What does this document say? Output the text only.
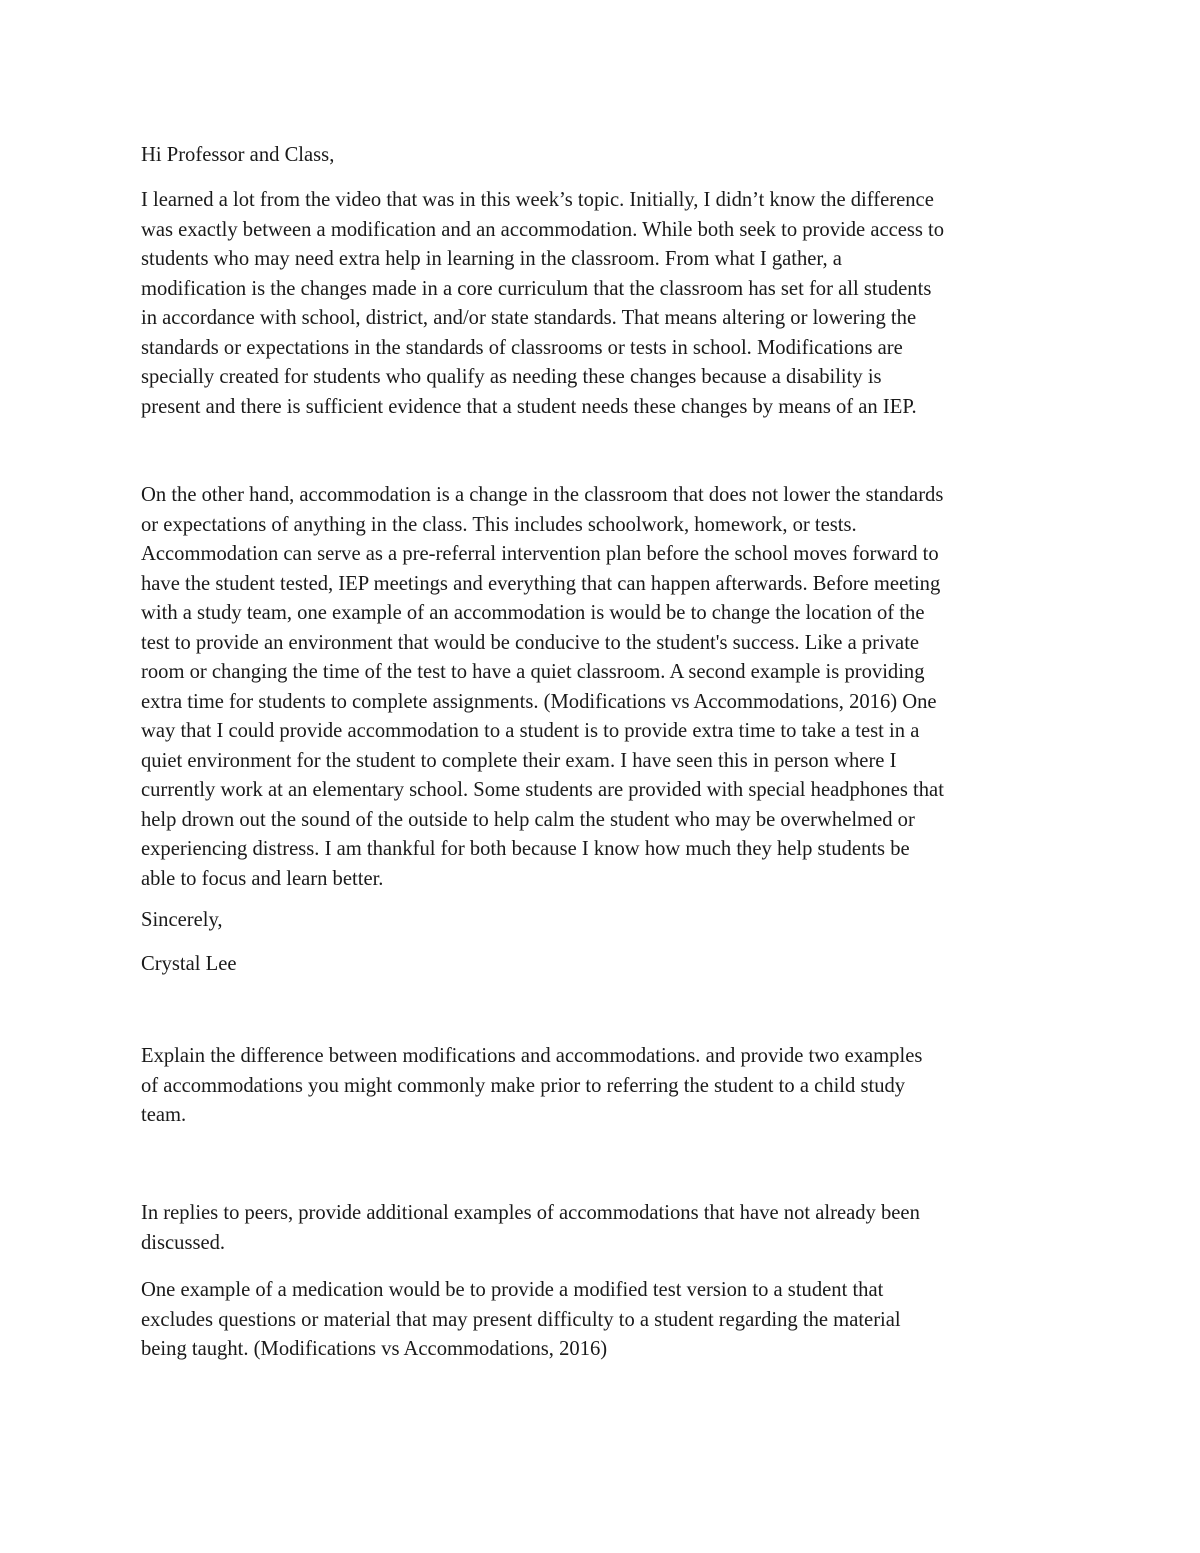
Hi Professor and Class,

I learned a lot from the video that was in this week’s topic. Initially, I didn’t know the difference
was exactly between a modification and an accommodation. While both seek to provide access to
students who may need extra help in learning in the classroom. From what I gather, a
modification is the changes made in a core curriculum that the classroom has set for all students
in accordance with school, district, and/or state standards. That means altering or lowering the
standards or expectations in the standards of classrooms or tests in school. Modifications are
specially created for students who qualify as needing these changes because a disability is
present and there is sufficient evidence that a student needs these changes by means of an IEP.

On the other hand, accommodation is a change in the classroom that does not lower the standards
or expectations of anything in the class. This includes schoolwork, homework, or tests.
Accommodation can serve as a pre-referral intervention plan before the school moves forward to
have the student tested, IEP meetings and everything that can happen afterwards. Before meeting
with a study team, one example of an accommodation is would be to change the location of the
test to provide an environment that would be conducive to the student's success. Like a private
room or changing the time of the test to have a quiet classroom. A second example is providing
extra time for students to complete assignments. (Modifications vs Accommodations, 2016) One
way that I could provide accommodation to a student is to provide extra time to take a test in a
quiet environment for the student to complete their exam. I have seen this in person where I
currently work at an elementary school. Some students are provided with special headphones that
help drown out the sound of the outside to help calm the student who may be overwhelmed or
experiencing distress. I am thankful for both because I know how much they help students be
able to focus and learn better.

Sincerely,

Crystal Lee

Explain the difference between modifications and accommodations. and provide two examples
of accommodations you might commonly make prior to referring the student to a child study
team.

In replies to peers, provide additional examples of accommodations that have not already been
discussed.

One example of a medication would be to provide a modified test version to a student that
excludes questions or material that may present difficulty to a student regarding the material
being taught. (Modifications vs Accommodations, 2016)
